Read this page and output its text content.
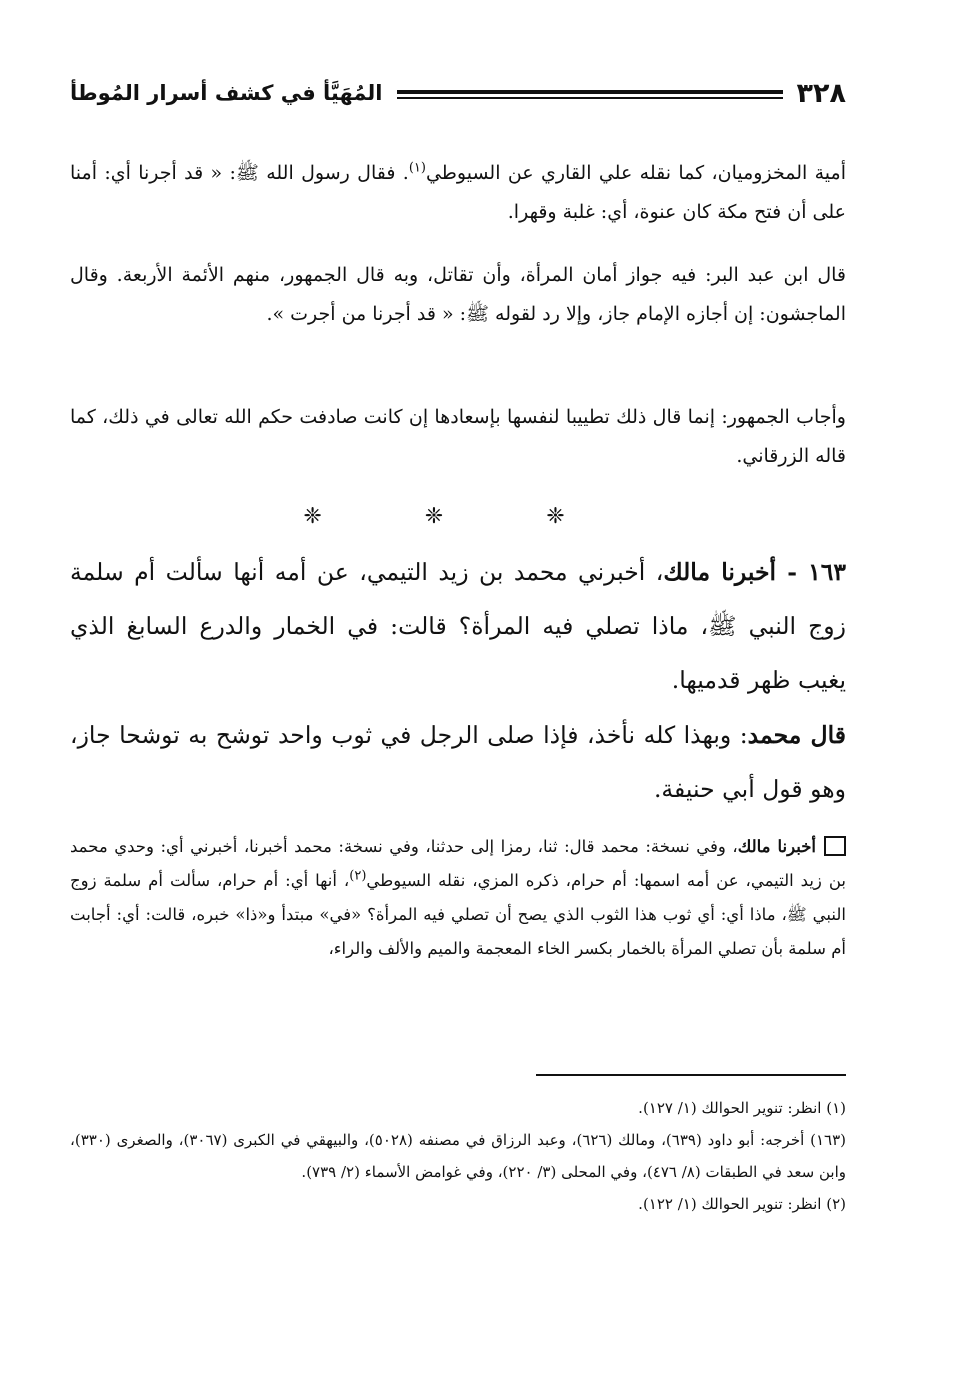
٣٢٨
المُهَيَّأ في كشف أسرار المُوطأ

أمية المخزوميان، كما نقله علي القاري عن السيوطي$^{(١)}$. فقال رسول الله ﷺ: « قد أجرنا أي: أمنا على أن فتح مكة كان عنوة، أي: غلبة وقهرا.

قال ابن عبد البر: فيه جواز أمان المرأة، وأن تقاتل، وبه قال الجمهور، منهم الأئمة الأربعة. وقال الماجشون: إن أجازه الإمام جاز، وإلا رد لقوله ﷺ: « قد أجرنا من أجرت ».

وأجاب الجمهور: إنما قال ذلك تطييبا لنفسها بإسعادها إن كانت صادفت حكم الله تعالى في ذلك، كما قاله الزرقاني.

❈ ❈ ❈

١٦٣ - أخبرنا مالك، أخبرني محمد بن زيد التيمي، عن أمه أنها سألت أم سلمة زوج النبي ﷺ، ماذا تصلي فيه المرأة؟ قالت: في الخمار والدرع السابغ الذي يغيب ظهر قدميها.

قال محمد: وبهذا كله نأخذ، فإذا صلى الرجل في ثوب واحد توشح به توشحا جاز، وهو قول أبي حنيفة.

أخبرنا مالك، وفي نسخة: محمد قال: ثنا، رمزا إلى حدثنا، وفي نسخة: محمد أخبرنا، أخبرني أي: وحدي محمد بن زيد التيمي، عن أمه اسمها: أم حرام، ذكره المزي، نقله السيوطي$^{(٢)}$، أنها أي: أم حرام، سألت أم سلمة زوج النبي ﷺ، ماذا أي: أي ثوب هذا الثوب الذي يصح أن تصلي فيه المرأة؟ «في» مبتدأ و«ذا» خبره، قالت: أي: أجابت أم سلمة بأن تصلي المرأة بالخمار بكسر الخاء المعجمة والميم والألف والراء،

(١) انظر: تنوير الحوالك (١/ ١٢٧).

(١٦٣) أخرجه: أبو داود (٦٣٩)، ومالك (٦٢٦)، وعبد الرزاق في مصنفه (٥٠٢٨)، والبيهقي في الكبرى (٣٠٦٧)، والصغرى (٣٣٠)، وابن سعد في الطبقات (٨/ ٤٧٦)، وفي المحلى (٣/ ٢٢٠)، وفي غوامض الأسماء (٢/ ٧٣٩).

(٢) انظر: تنوير الحوالك (١/ ١٢٢).
